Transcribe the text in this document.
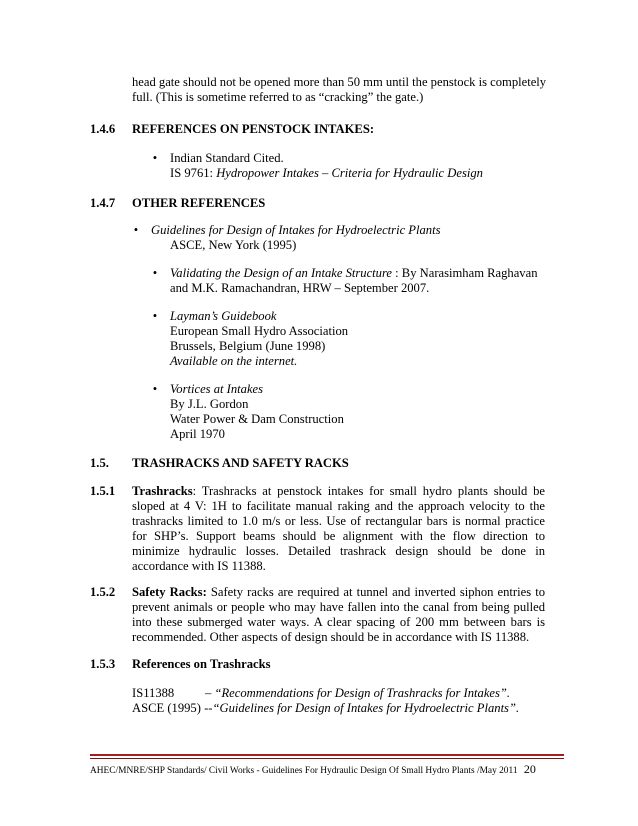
head gate should not be opened more than 50 mm until the penstock is completely
full. (This is sometime referred to as “cracking” the gate.)
1.4.6 REFERENCES ON PENSTOCK INTAKES:
• Indian Standard Cited.
IS 9761: Hydropower Intakes – Criteria for Hydraulic Design
1.4.7 OTHER REFERENCES
• Guidelines for Design of Intakes for Hydroelectric Plants
ASCE, New York (1995)
• Validating the Design of an Intake Structure : By Narasimham Raghavan
and M.K. Ramachandran, HRW – September 2007.
• Layman’s Guidebook
European Small Hydro Association
Brussels, Belgium (June 1998)
Available on the internet.
• Vortices at Intakes
By J.L. Gordon
Water Power & Dam Construction
April 1970
1.5. TRASHRACKS AND SAFETY RACKS
1.5.1 Trashracks: Trashracks at penstock intakes for small hydro plants should be sloped at 4 V: 1H to facilitate manual raking and the approach velocity to the trashracks limited to 1.0 m/s or less. Use of rectangular bars is normal practice for SHP’s. Support beams should be alignment with the flow direction to minimize hydraulic losses. Detailed trashrack design should be done in accordance with IS 11388.
1.5.2 Safety Racks: Safety racks are required at tunnel and inverted siphon entries to prevent animals or people who may have fallen into the canal from being pulled into these submerged water ways. A clear spacing of 200 mm between bars is recommended. Other aspects of design should be in accordance with IS 11388.
1.5.3 References on Trashracks
IS11388 – “Recommendations for Design of Trashracks for Intakes”.
ASCE (1995) --“Guidelines for Design of Intakes for Hydroelectric Plants”.
AHEC/MNRE/SHP Standards/ Civil Works - Guidelines For Hydraulic Design Of Small Hydro Plants /May 2011 20
